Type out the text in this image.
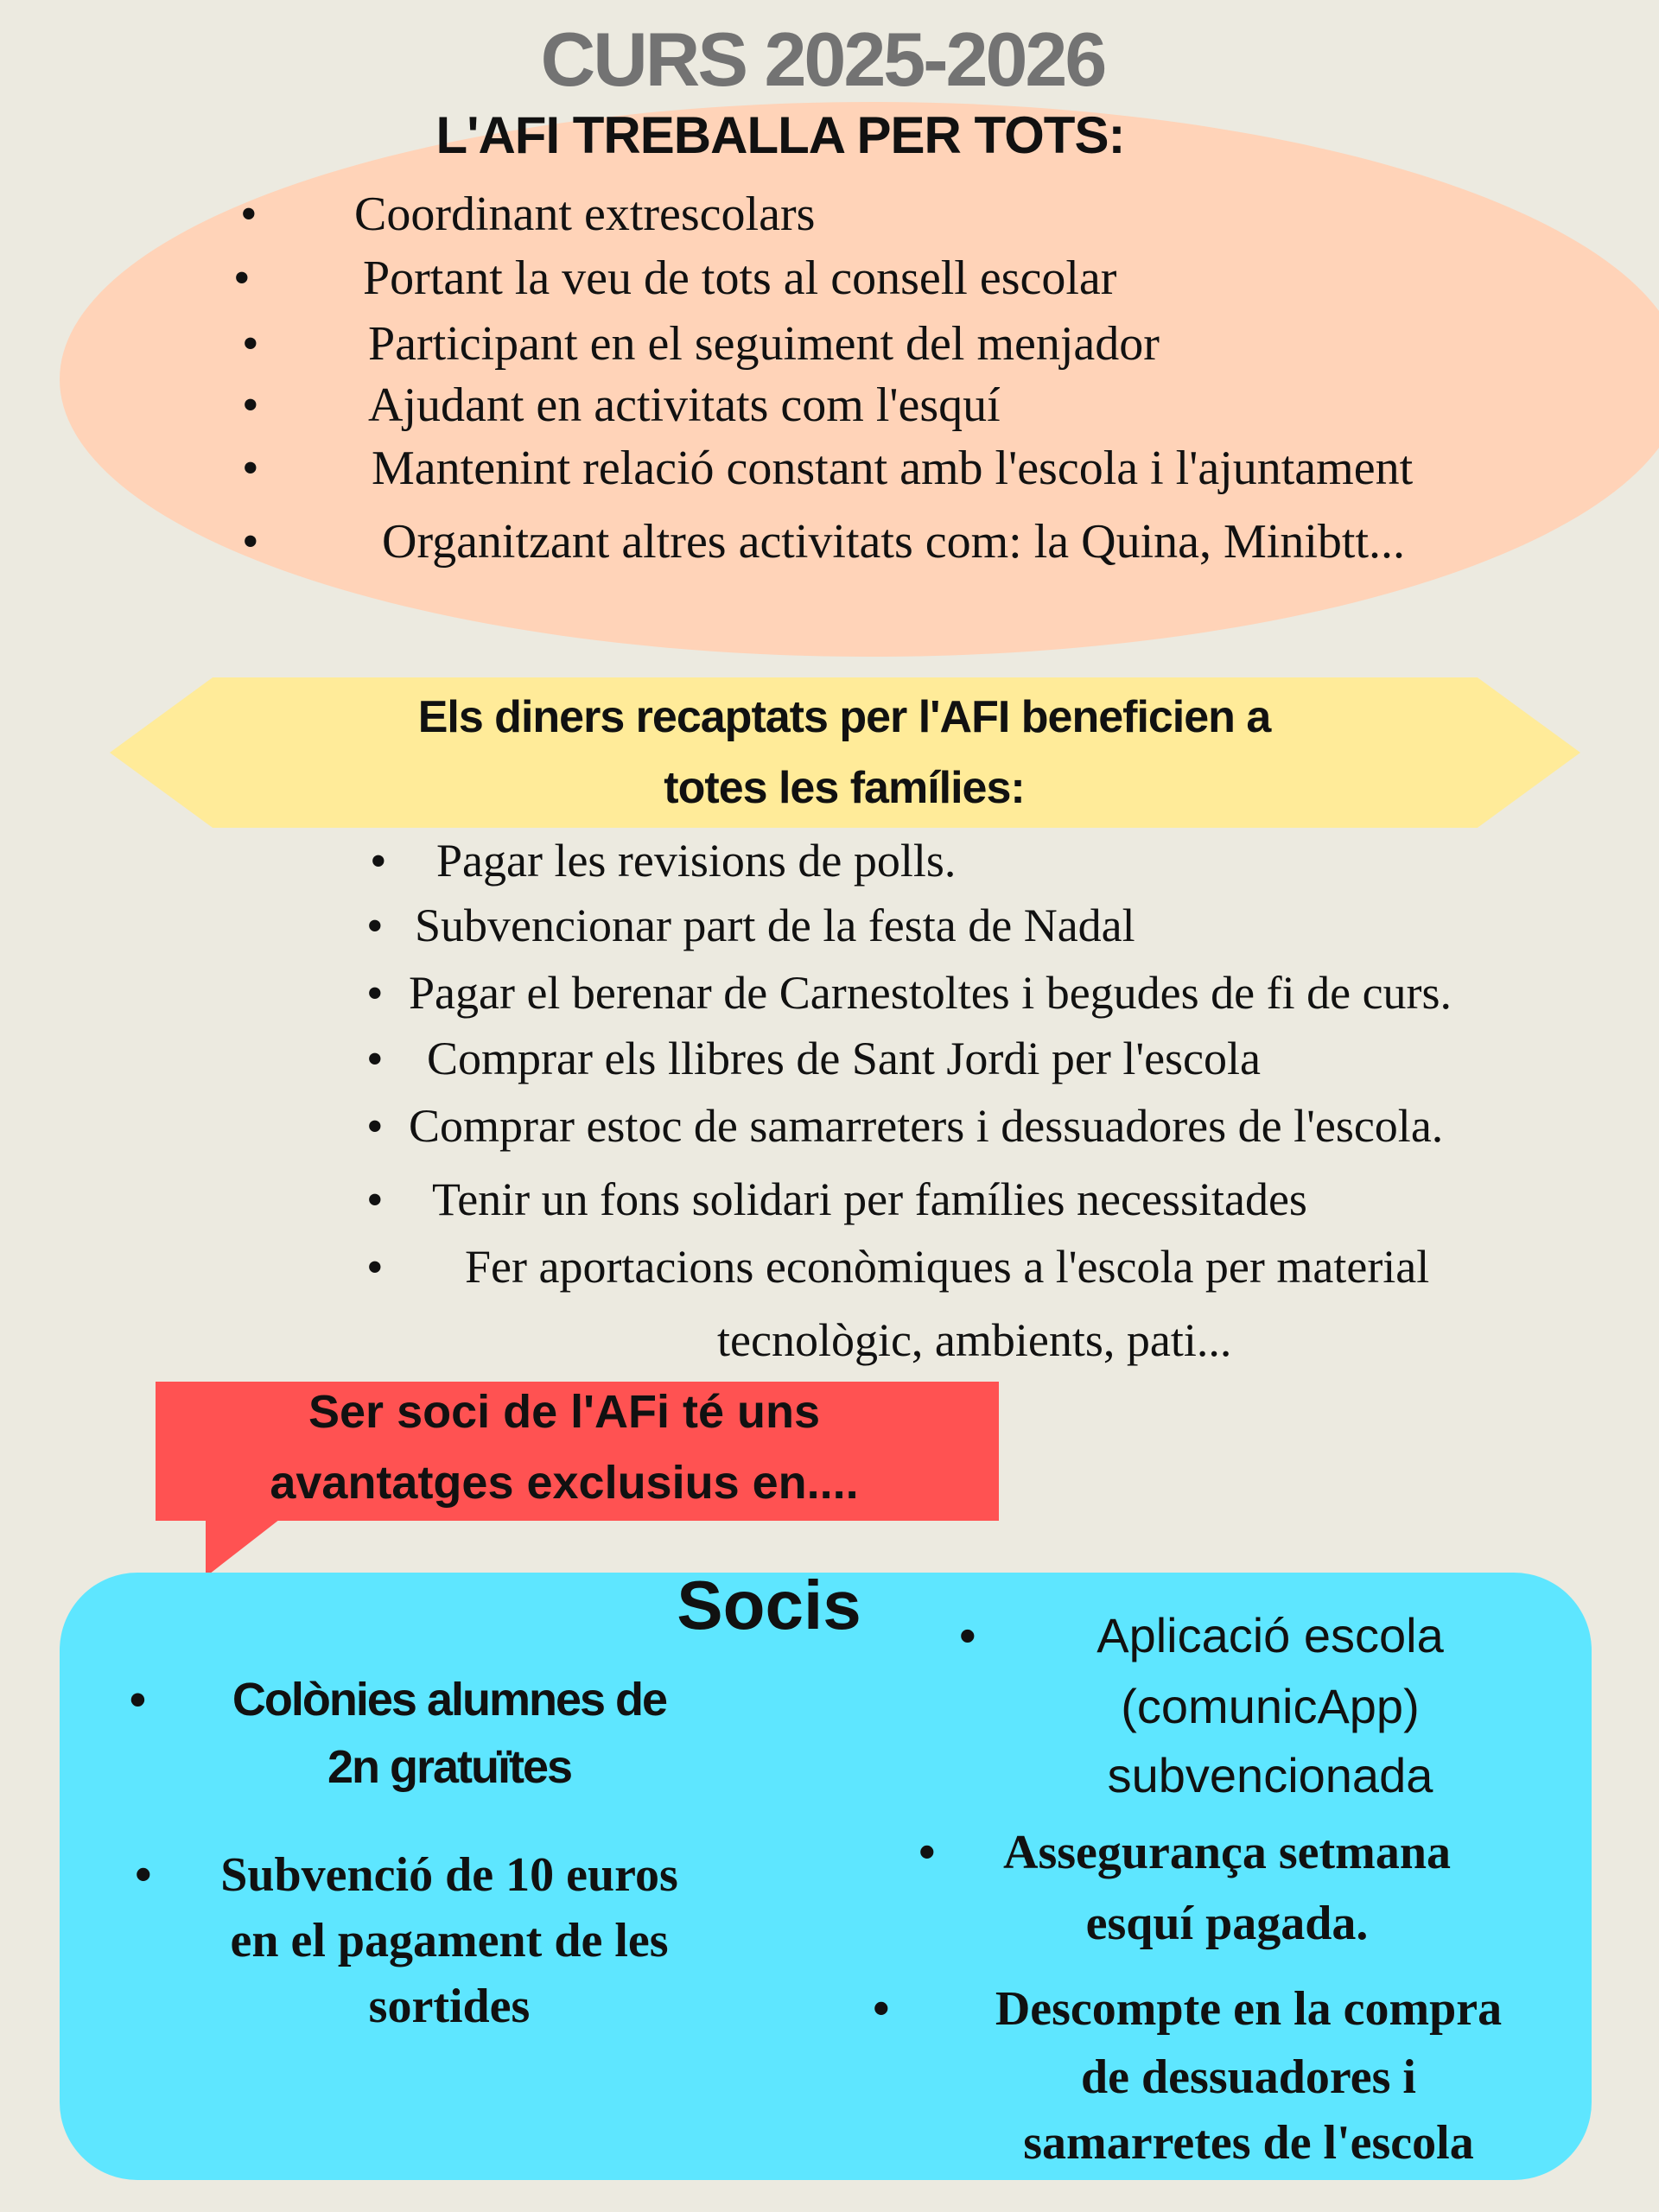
CURS 2025-2026
L'AFI TREBALLA PER TOTS:
• Coordinant extrescolars
• Portant la veu de tots al consell escolar
• Participant en el seguiment del menjador
• Ajudant en activitats com l'esquí
• Mantenint relació constant amb l'escola i l'ajuntament
•	Organitzant altres activitats com: la Quina, Minibtt...
Els diners recaptats per l'AFI beneficien a
totes les famílies:
• Pagar les revisions de polls.
• Subvencionar part de la festa de Nadal
• Pagar el berenar de Carnestoltes i begudes de fi de curs.
• Comprar els llibres de Sant Jordi per l'escola
• Comprar estoc de samarreters i dessuadores de l'escola.
• Tenir un fons solidari per famílies necessitades
• Fer aportacions econòmiques a l'escola per material
tecnològic, ambients, pati...
Ser soci de l'AFi té uns
avantatges exclusius en....
Socis
•	Colònies alumnes de
2n gratuïtes
•	Subvenció de 10 euros
en el pagament de les
sortides
•	Aplicació escola
(comunicApp)
subvencionada
•	Assegurança setmana
esquí pagada.
•	Descompte en la compra
de dessuadores i
samarretes de l'escola
